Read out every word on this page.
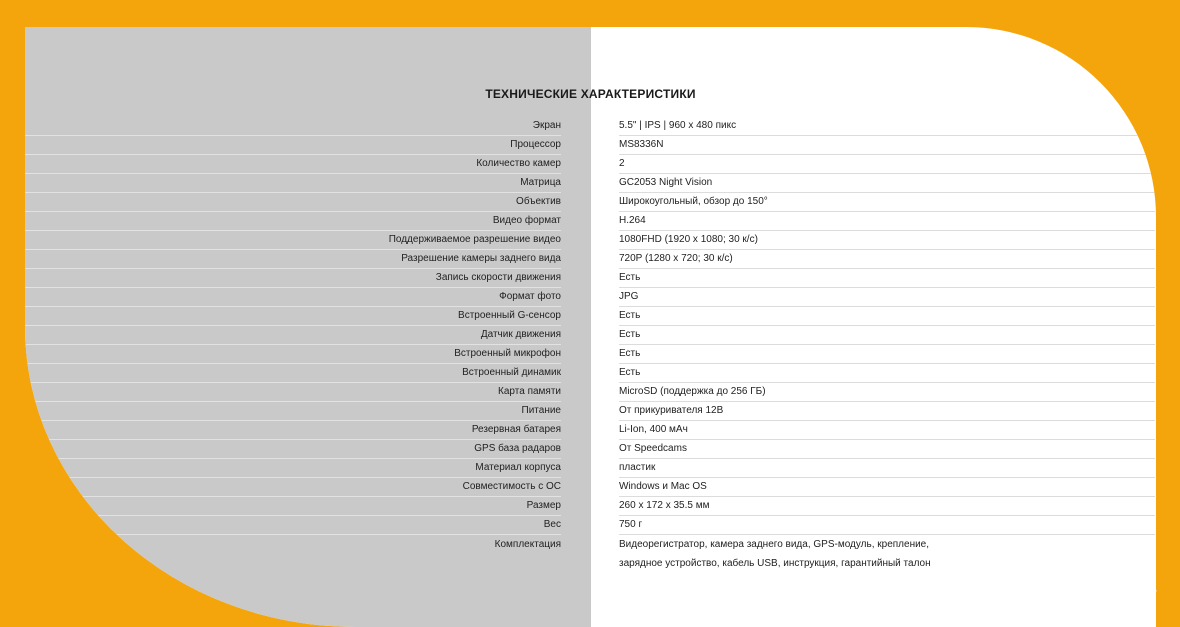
ТЕХНИЧЕСКИЕ ХАРАКТЕРИСТИКИ
Экран	5.5" | IPS | 960 х 480 пикс
Процессор	MS8336N
Количество камер	2
Матрица	GC2053 Night Vision
Объектив	Широкоугольный, обзор до 150°
Видео формат	H.264
Поддерживаемое разрешение видео	1080FHD (1920 х 1080; 30 к/с)
Разрешение камеры заднего вида	720P (1280 х 720; 30 к/с)
Запись скорости движения	Есть
Формат фото	JPG
Встроенный G-сенсор	Есть
Датчик движения	Есть
Встроенный микрофон	Есть
Встроенный динамик	Есть
Карта памяти	MicroSD (поддержка до 256 ГБ)
Питание	От прикуривателя 12В
Резервная батарея	Li-Ion, 400 мАч
GPS база радаров	От Speedcams
Материал корпуса	пластик
Совместимость с ОС	Windows и Mac OS
Размер	260 х 172 х 35.5 мм
Вес	750 г
Комплектация	Видеорегистратор, камера заднего вида, GPS-модуль, крепление,
зарядное устройство, кабель USB, инструкция, гарантийный талон
21vek.by
